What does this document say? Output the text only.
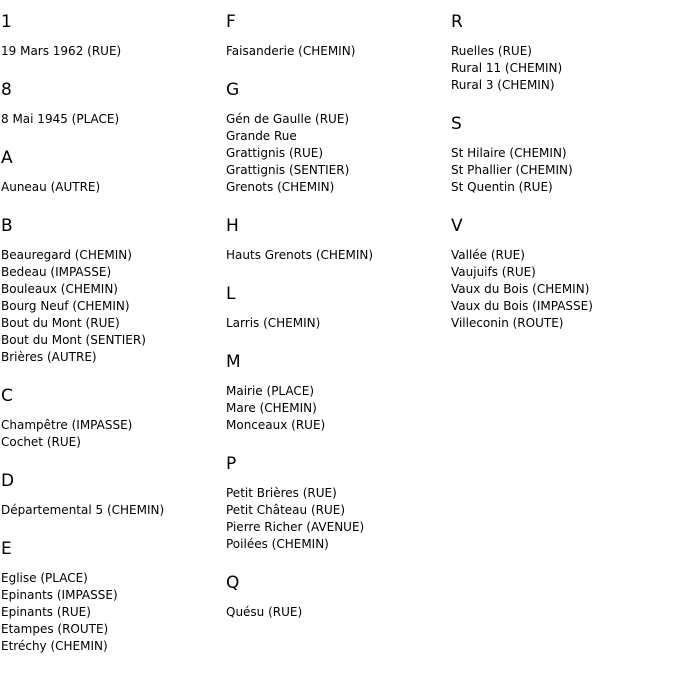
1
19 Mars 1962 (RUE)
8
8 Mai 1945 (PLACE)
A
Auneau (AUTRE)
B
Beauregard (CHEMIN)
Bedeau (IMPASSE)
Bouleaux (CHEMIN)
Bourg Neuf (CHEMIN)
Bout du Mont (RUE)
Bout du Mont (SENTIER)
Brières (AUTRE)
C
Champêtre (IMPASSE)
Cochet (RUE)
D
Départemental 5 (CHEMIN)
E
Eglise (PLACE)
Epinants (IMPASSE)
Epinants (RUE)
Etampes (ROUTE)
Etréchy (CHEMIN)
F
Faisanderie (CHEMIN)
G
Gén de Gaulle (RUE)
Grande Rue
Grattignis (RUE)
Grattignis (SENTIER)
Grenots (CHEMIN)
H
Hauts Grenots (CHEMIN)
L
Larris (CHEMIN)
M
Mairie (PLACE)
Mare (CHEMIN)
Monceaux (RUE)
P
Petit Brières (RUE)
Petit Château (RUE)
Pierre Richer (AVENUE)
Poilées (CHEMIN)
Q
Quésu (RUE)
R
Ruelles (RUE)
Rural 11 (CHEMIN)
Rural 3 (CHEMIN)
S
St Hilaire (CHEMIN)
St Phallier (CHEMIN)
St Quentin (RUE)
V
Vallée (RUE)
Vaujuifs (RUE)
Vaux du Bois (CHEMIN)
Vaux du Bois (IMPASSE)
Villeconin (ROUTE)
